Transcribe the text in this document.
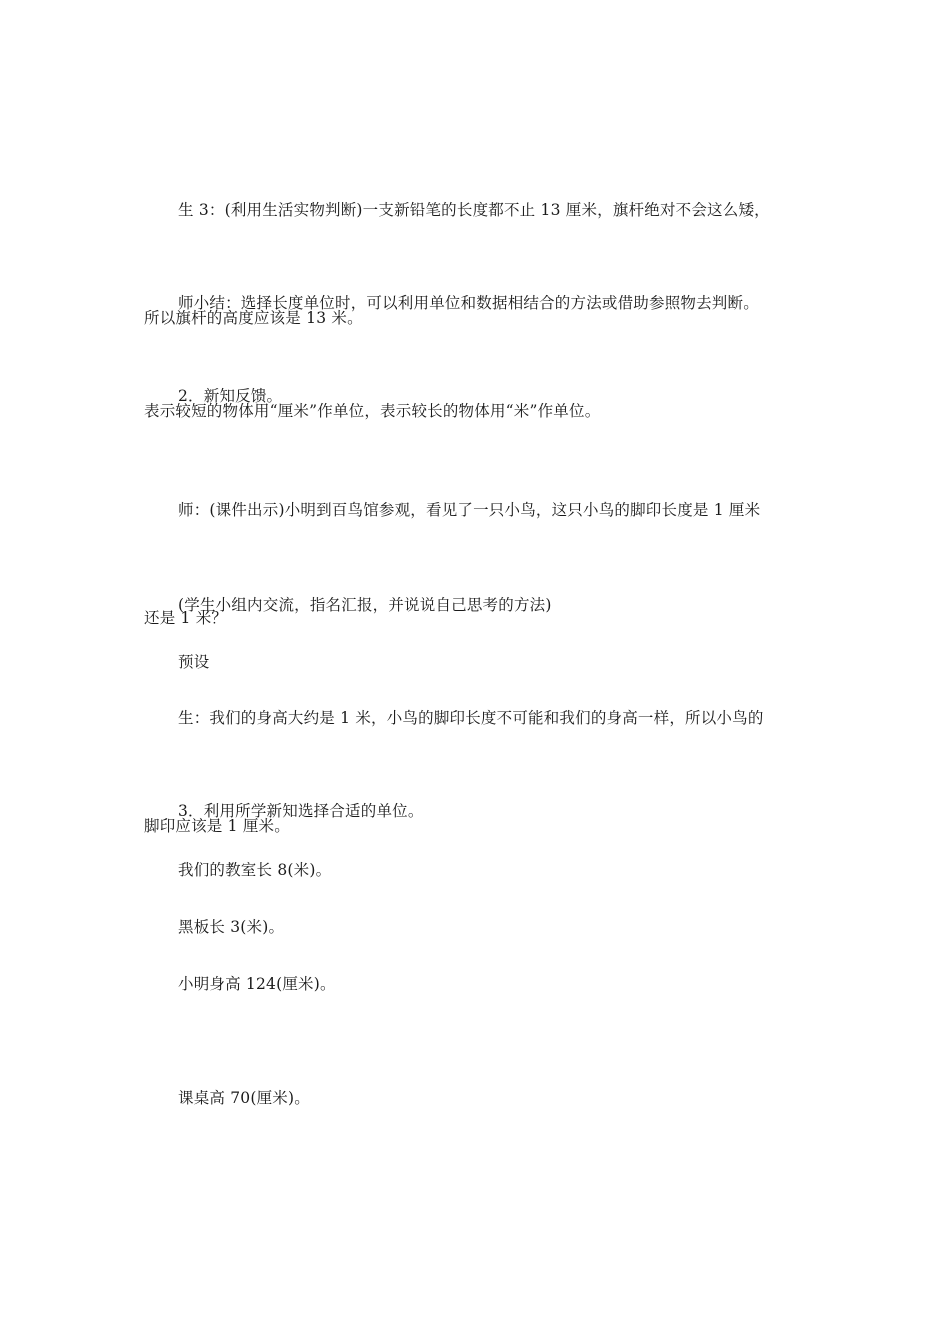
生 3：(利用生活实物判断)一支新铅笔的长度都不止 13 厘米，旗杆绝对不会这么矮，

所以旗杆的高度应该是 13 米。

师小结：选择长度单位时，可以利用单位和数据相结合的方法或借助参照物去判断。

表示较短的物体用“厘米”作单位，表示较长的物体用“米”作单位。

2．新知反馈。

师：(课件出示)小明到百鸟馆参观，看见了一只小鸟，这只小鸟的脚印长度是 1 厘米

还是 1 米？

(学生小组内交流，指名汇报，并说说自己思考的方法)

预设

生：我们的身高大约是 1 米，小鸟的脚印长度不可能和我们的身高一样，所以小鸟的

脚印应该是 1 厘米。

3．利用所学新知选择合适的单位。

我们的教室长 8(米)。

黑板长 3(米)。

小明身高 124(厘米)。

课桌高 70(厘米)。
